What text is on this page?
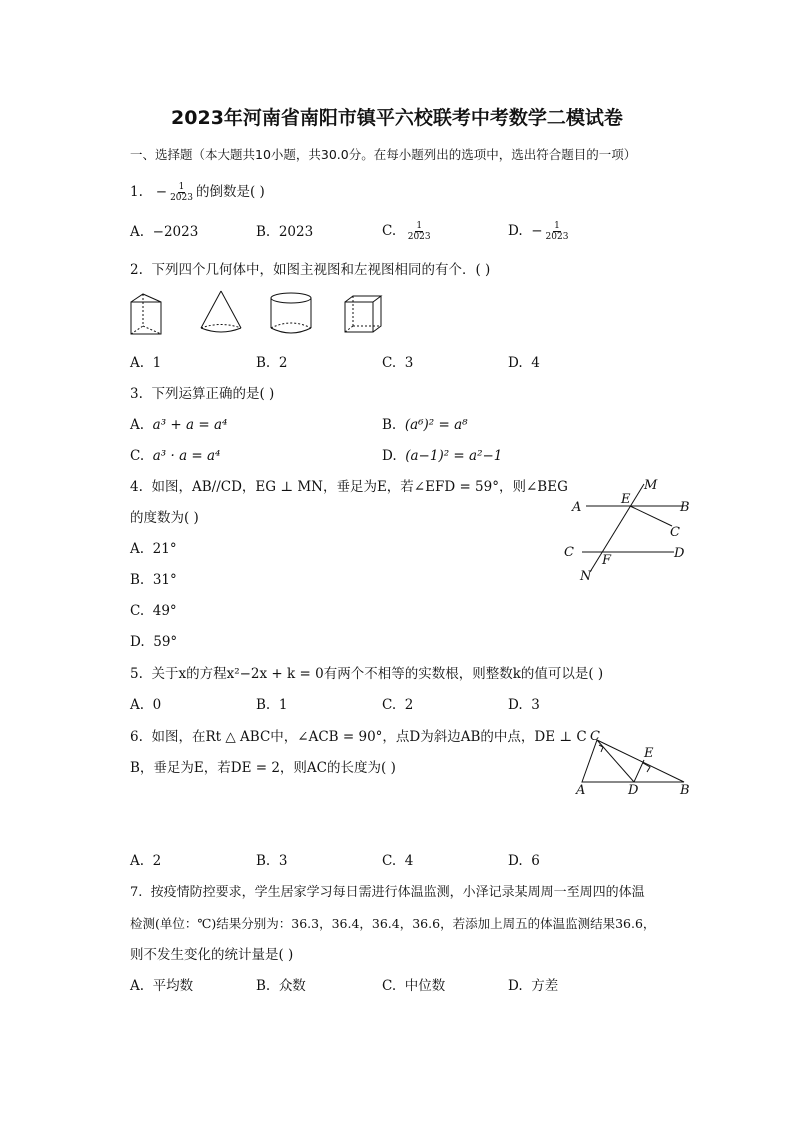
2023年河南省南阳市镇平六校联考中考数学二模试卷
一、选择题（本大题共10小题，共30.0分。在每小题列出的选项中，选出符合题目的一项）
1. − $\frac{1}{2023}$ 的倒数是( )
A. −2023	B. 2023	C. $\frac{1}{2023}$	D. − $\frac{1}{2023}$
2. 下列四个几何体中，如图主视图和左视图相同的有个．( )
A. 1	B. 2	C. 3	D. 4
3. 下列运算正确的是( )
A. a³ + a = a⁴	B. (a⁶)² = a⁸
C. a³ · a = a⁴	D. (a−1)² = a²−1
4. 如图，AB//CD，EG ⊥ MN，垂足为E，若∠EFD = 59°，则∠BEG
的度数为( )
A. 21°
B. 31°
C. 49°
D. 59°
M
E
A	B
C
C	D
F
N
5. 关于x的方程x²−2x + k = 0有两个不相等的实数根，则整数k的值可以是( )
A. 0	B. 1	C. 2	D. 3
6. 如图，在Rt △ ABC中，∠ACB = 90°，点D为斜边AB的中点，DE ⊥ C
B，垂足为E，若DE = 2，则AC的长度为( )
C
E
A	D	B
A. 2	B. 3	C. 4	D. 6
7. 按疫情防控要求，学生居家学习每日需进行体温监测，小泽记录某周周一至周四的体温
检测(单位：℃)结果分别为：36.3，36.4，36.4，36.6，若添加上周五的体温监测结果36.6，
则不发生变化的统计量是( )
A. 平均数	B. 众数	C. 中位数	D. 方差
